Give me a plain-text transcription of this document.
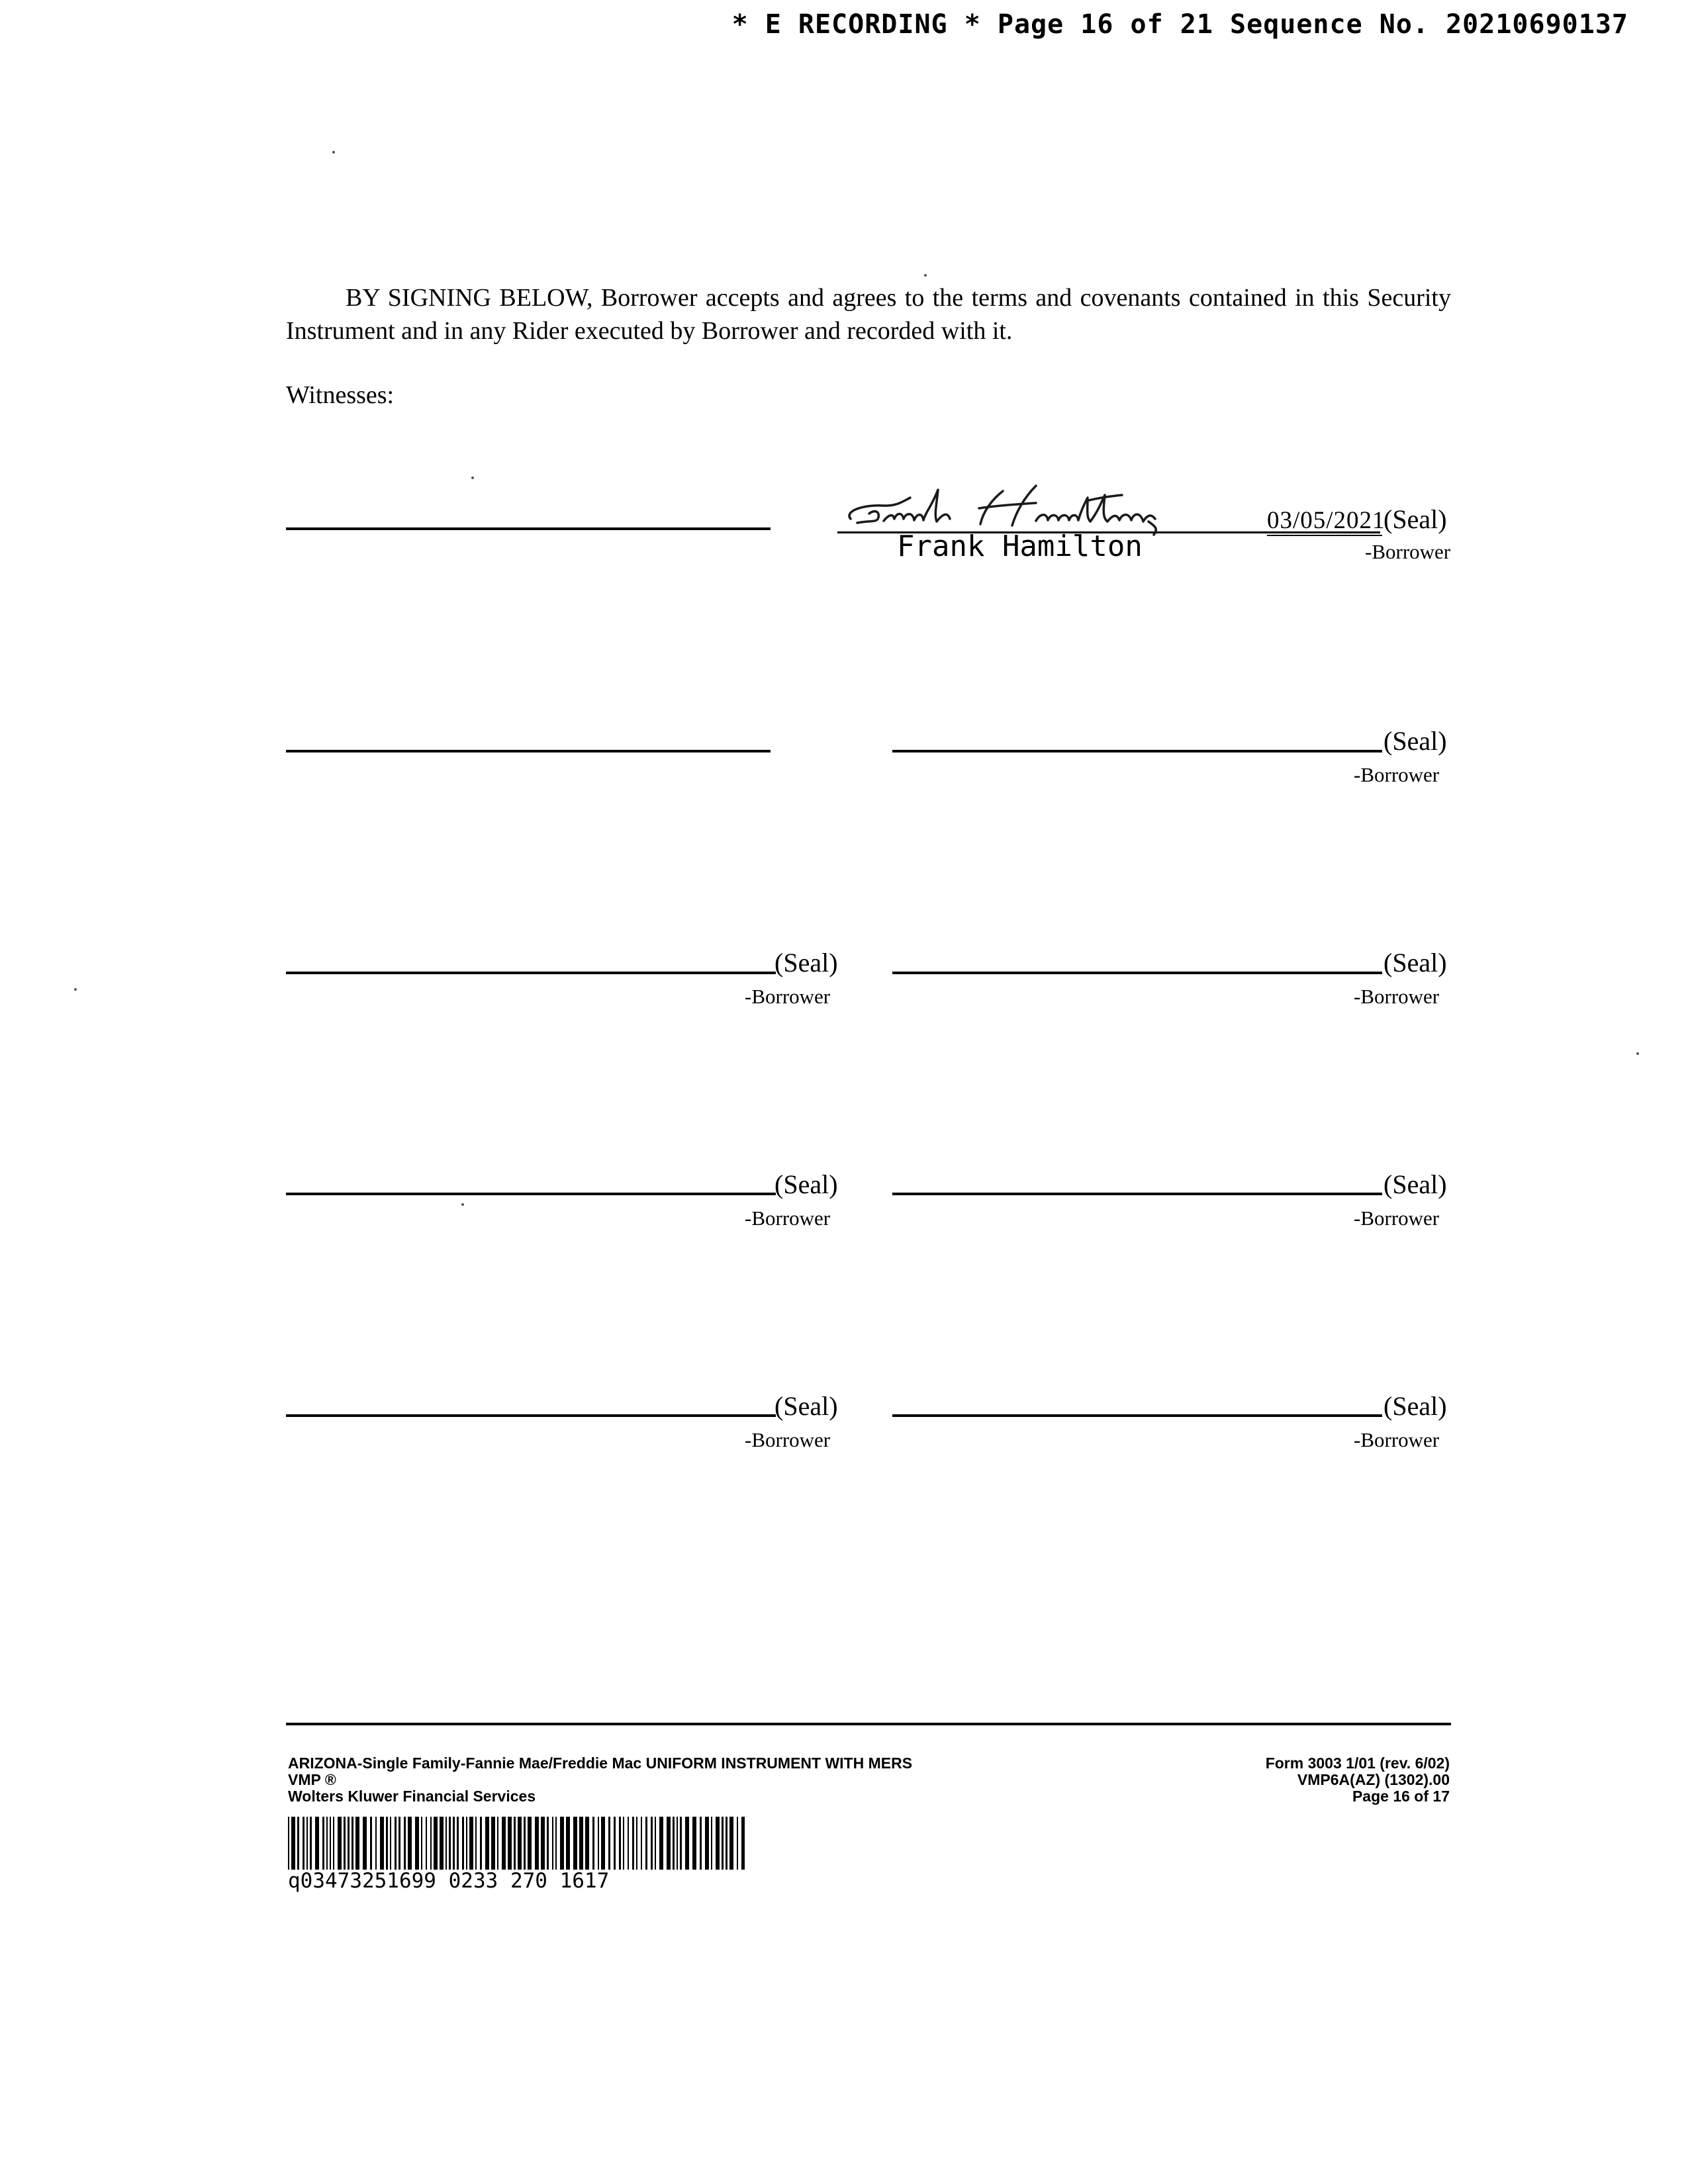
* E RECORDING * Page 16 of 21 Sequence No. 20210690137
BY SIGNING BELOW, Borrower accepts and agrees to the terms and covenants contained in this Security Instrument and in any Rider executed by Borrower and recorded with it.
Witnesses:
Frank Hamilton
Frank Hamilton
03/05/2021
(Seal)
-Borrower
(Seal)
-Borrower
(Seal)
-Borrower
(Seal)
-Borrower
(Seal)
-Borrower
(Seal)
-Borrower
(Seal)
-Borrower
(Seal)
-Borrower
ARIZONA-Single Family-Fannie Mae/Freddie Mac UNIFORM INSTRUMENT WITH MERS
VMP ®
Wolters Kluwer Financial Services
Form 3003 1/01 (rev. 6/02)
VMP6A(AZ) (1302).00
Page 16 of 17
q03473251699 0233 270 1617
